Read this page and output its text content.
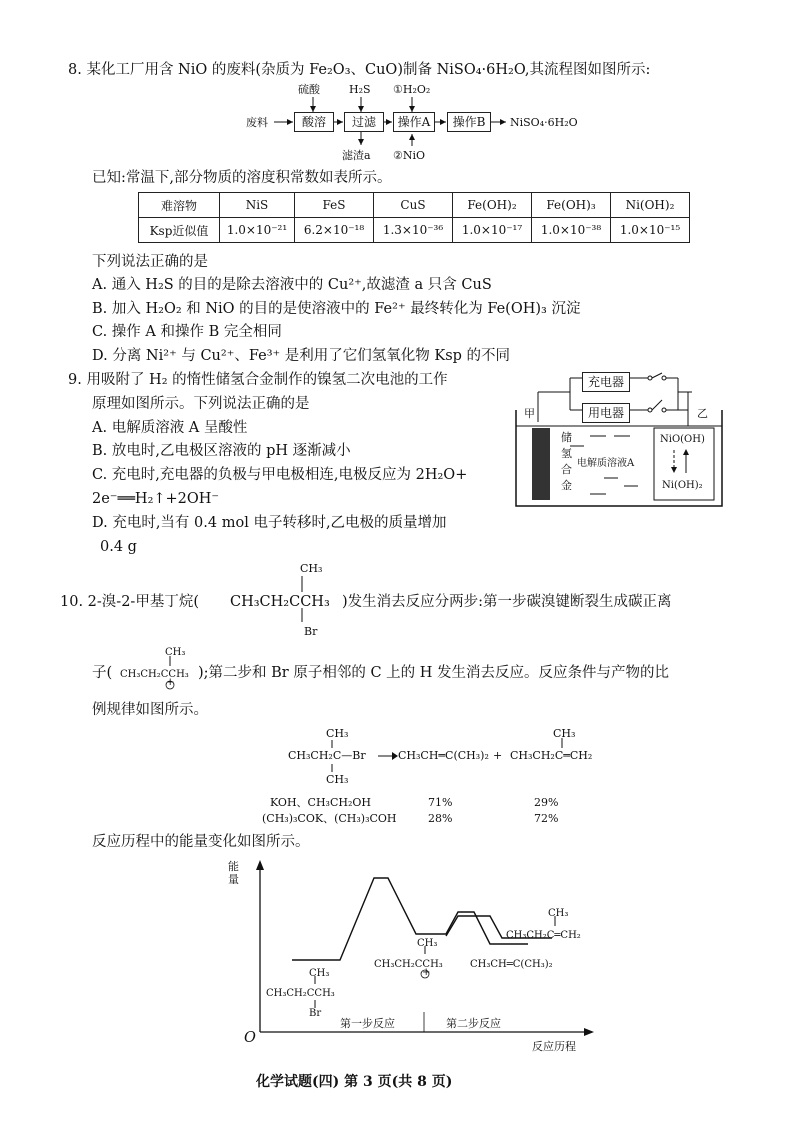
8. 某化工厂用含 NiO 的废料(杂质为 Fe₂O₃、CuO)制备 NiSO₄·6H₂O,其流程图如图所示:
废料	酸溶	过滤	操作A	操作B	NiSO₄·6H₂O
硫酸	H₂S ①H₂O₂
滤渣a ②NiO
已知:常温下,部分物质的溶度积常数如表所示。
难溶物	NiS	FeS	CuS	Fe(OH)₂	Fe(OH)₃	Ni(OH)₂
Ksp近似值	1.0×10⁻²¹	6.2×10⁻¹⁸	1.3×10⁻³⁶	1.0×10⁻¹⁷	1.0×10⁻³⁸	1.0×10⁻¹⁵
下列说法正确的是
A. 通入 H₂S 的目的是除去溶液中的 Cu²⁺,故滤渣 a 只含 CuS
B. 加入 H₂O₂ 和 NiO 的目的是使溶液中的 Fe²⁺ 最终转化为 Fe(OH)₃ 沉淀
C. 操作 A 和操作 B 完全相同
D. 分离 Ni²⁺ 与 Cu²⁺、Fe³⁺ 是利用了它们氢氧化物 Ksp 的不同
9. 用吸附了 H₂ 的惰性储氢合金制作的镍氢二次电池的工作
原理如图所示。下列说法正确的是
A. 电解质溶液 A 呈酸性
B. 放电时,乙电极区溶液的 pH 逐渐减小
C. 充电时,充电器的负极与甲电极相连,电极反应为 2H₂O+
2e⁻══H₂↑+2OH⁻
D. 充电时,当有 0.4 mol 电子转移时,乙电极的质量增加
0.4 g
充电器
用电器
甲	乙
储
氢
合
金
电解质溶液A
NiO(OH)
Ni(OH)₂
10. 2-溴-2-甲基丁烷( CH₃CH₂CCH₃
CH₃
Br
)发生消去反应分两步:第一步碳溴键断裂生成碳正离
子( CH₃CH₂CCH₃
CH₃
+
);第二步和 Br 原子相邻的 C 上的 H 发生消去反应。反应条件与产物的比
例规律如图所示。
CH₃
CH₃CH₂C—Br
CH₃
CH₃CH═C(CH₃)₂ + CH₃CH₂C═CH₂
CH₃
KOH、CH₃CH₂OH	71%	29%
(CH₃)₃COK、(CH₃)₃COH	28%	72%
反应历程中的能量变化如图所示。
能量
反应历程
O
第一步反应	第二步反应
CH₃
CH₃CH₂CCH₃
Br
CH₃
CH₃CH₂CCH₃
+
CH₃CH═C(CH₃)₂
CH₃
CH₃CH₂C═CH₂
化学试题(四) 第 3 页(共 8 页)
